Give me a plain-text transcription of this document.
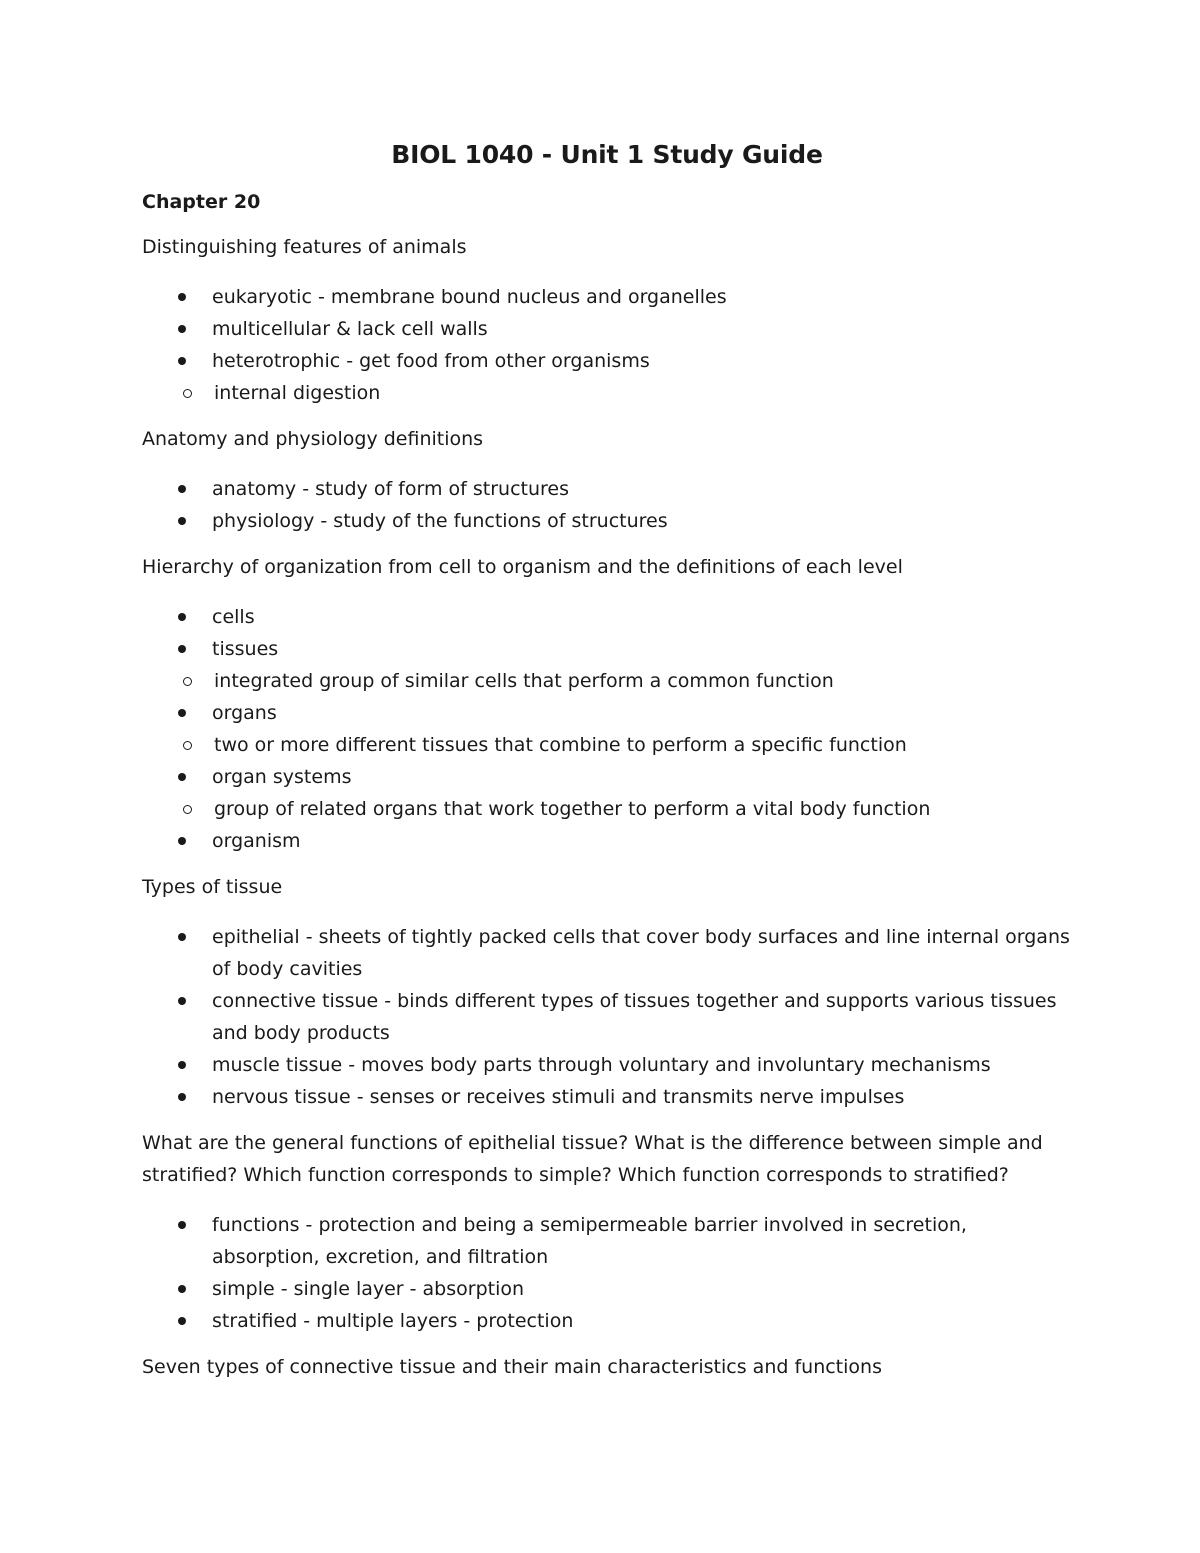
BIOL 1040 - Unit 1 Study Guide
Chapter 20
Distinguishing features of animals
eukaryotic - membrane bound nucleus and organelles
multicellular & lack cell walls
heterotrophic - get food from other organisms
internal digestion
Anatomy and physiology definitions
anatomy - study of form of structures
physiology - study of the functions of structures
Hierarchy of organization from cell to organism and the definitions of each level
cells
tissues
integrated group of similar cells that perform a common function
organs
two or more different tissues that combine to perform a specific function
organ systems
group of related organs that work together to perform a vital body function
organism
Types of tissue
epithelial - sheets of tightly packed cells that cover body surfaces and line internal organs of body cavities
connective tissue - binds different types of tissues together and supports various tissues and body products
muscle tissue - moves body parts through voluntary and involuntary mechanisms
nervous tissue - senses or receives stimuli and transmits nerve impulses
What are the general functions of epithelial tissue? What is the difference between simple and stratified? Which function corresponds to simple? Which function corresponds to stratified?
functions - protection and being a semipermeable barrier involved in secretion, absorption, excretion, and filtration
simple - single layer - absorption
stratified - multiple layers - protection
Seven types of connective tissue and their main characteristics and functions
